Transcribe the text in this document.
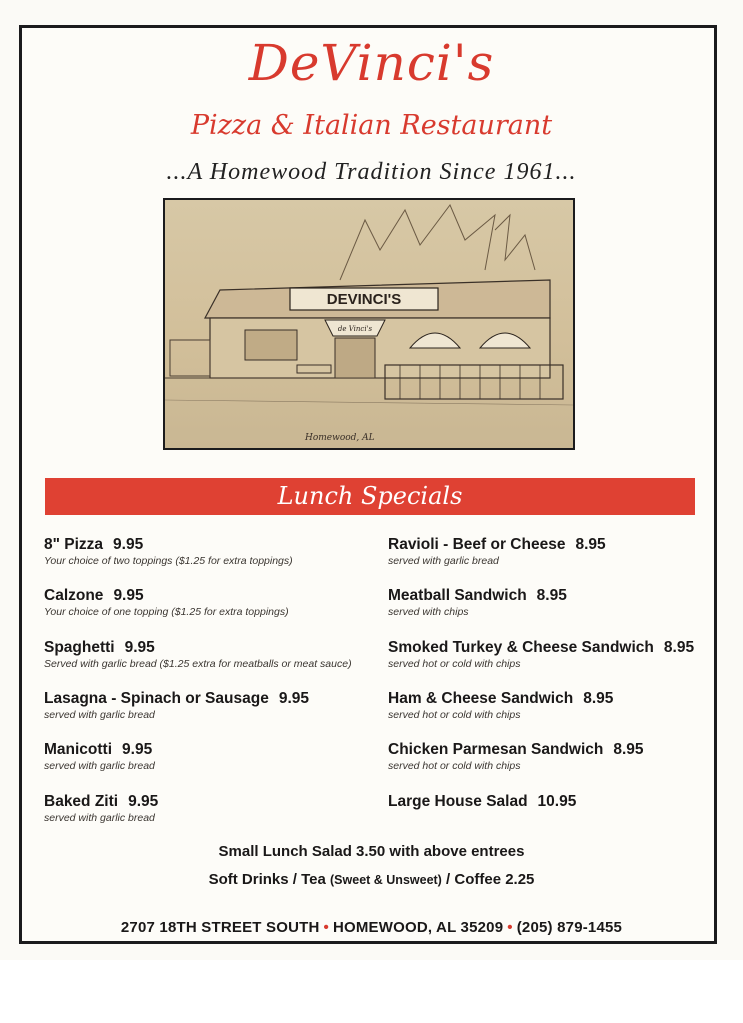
DeVinci's
Pizza & Italian Restaurant
...A Homewood Tradition Since 1961...
DEVINCI'S
de Vinci's
Homewood, AL
Lunch Specials
8" Pizza 9.95
Your choice of two toppings ($1.25 for extra toppings)
Calzone 9.95
Your choice of one topping ($1.25 for extra toppings)
Spaghetti 9.95
Served with garlic bread ($1.25 extra for meatballs or meat sauce)
Lasagna - Spinach or Sausage 9.95
served with garlic bread
Manicotti 9.95
served with garlic bread
Baked Ziti 9.95
served with garlic bread
Ravioli - Beef or Cheese 8.95
served with garlic bread
Meatball Sandwich 8.95
served with chips
Smoked Turkey & Cheese Sandwich 8.95
served hot or cold with chips
Ham & Cheese Sandwich 8.95
served hot or cold with chips
Chicken Parmesan Sandwich 8.95
served hot or cold with chips
Large House Salad 10.95
Small Lunch Salad 3.50 with above entrees
Soft Drinks / Tea (Sweet & Unsweet) / Coffee 2.25
2707 18TH STREET SOUTH • HOMEWOOD, AL 35209 • (205) 879-1455
